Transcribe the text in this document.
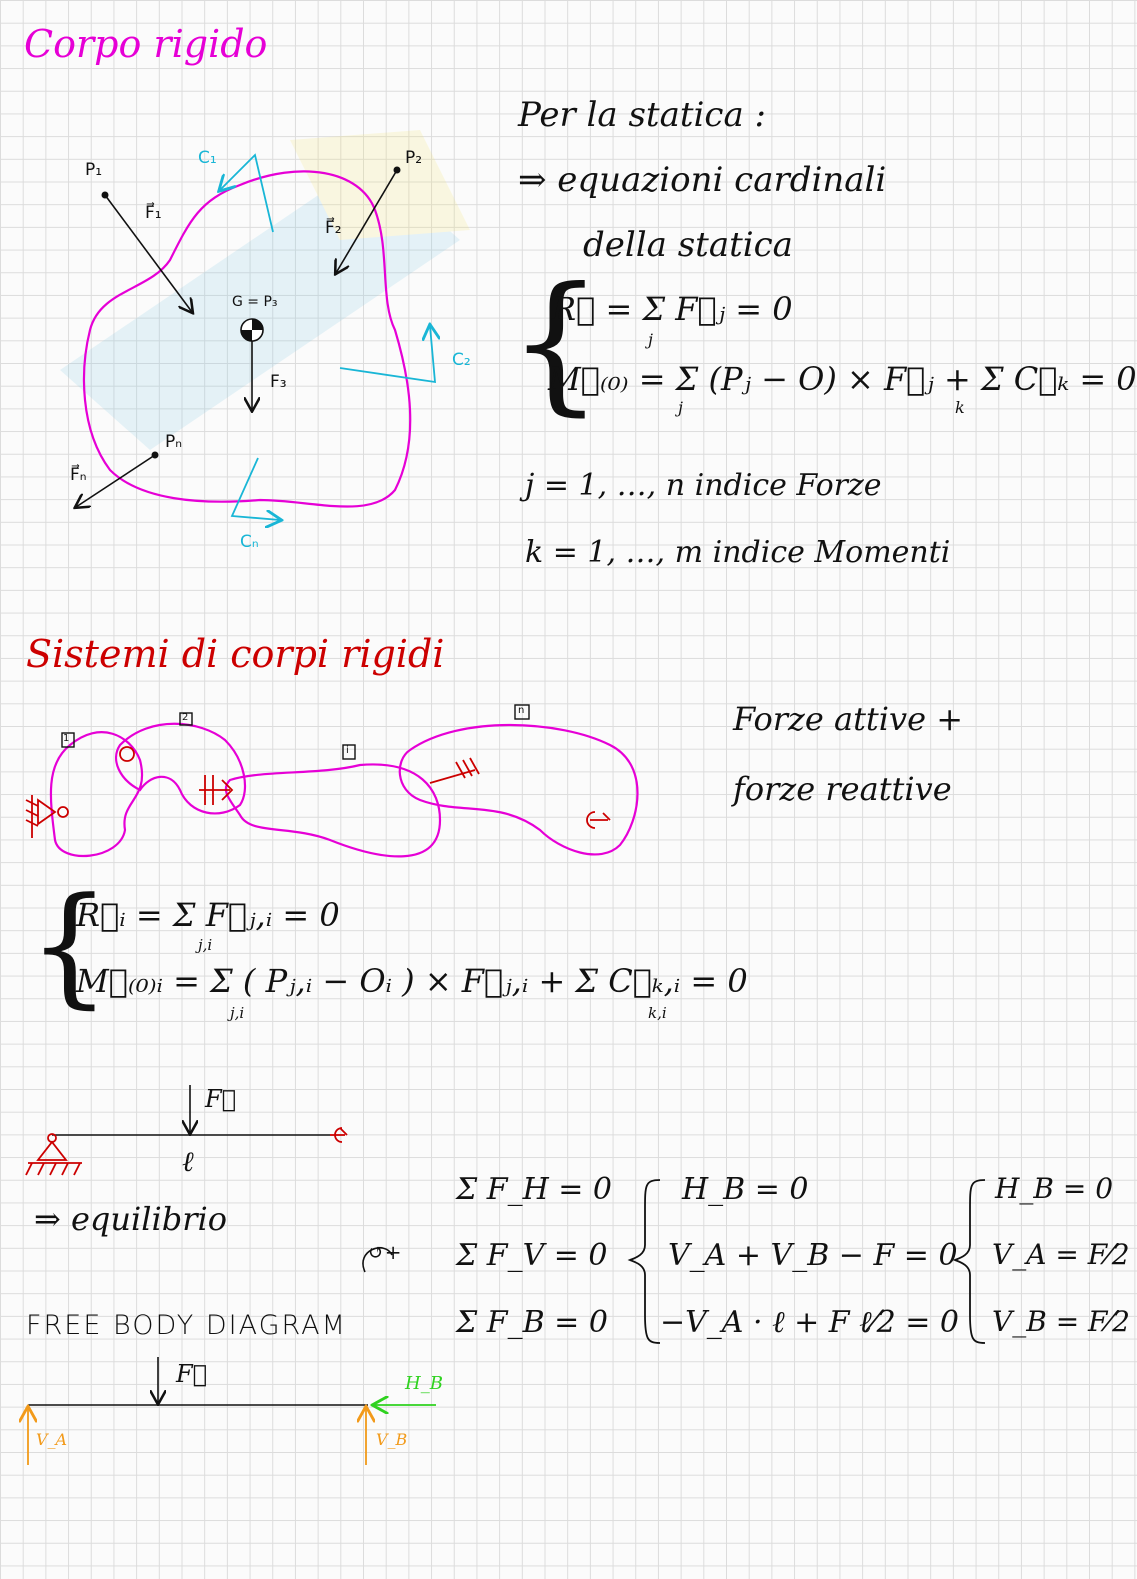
Corpo rigido
P₁
P₂
Pₙ
G = P₃
F⃗₁
F⃗₂
F₃
F⃗ₙ
C₁
C₂
Cₙ
Per la statica :
⇒ equazioni cardinali
della statica
{
R⃗ = Σ F⃗ⱼ = 0
j
M⃗₍₀₎ = Σ (Pⱼ − O) × F⃗ⱼ + Σ C⃗ₖ = 0
j	k
j = 1, …, n indice Forze
k = 1, …, m indice Momenti
Sistemi di corpi rigidi
1
2
i
n	Forze attive +
forze reattive
{
R⃗ᵢ = Σ F⃗ⱼ,ᵢ = 0
j,i
M⃗₍₀₎ᵢ = Σ ( Pⱼ,ᵢ − Oᵢ ) × F⃗ⱼ,ᵢ + Σ C⃗ₖ,ᵢ = 0
j,i	k,i
F⃗
ℓ
⇒ equilibrio
↺+
Σ F_H = 0
Σ F_V = 0
Σ F_B = 0
H_B = 0
V_A + V_B − F = 0
−V_A · ℓ + F ℓ⁄2 = 0
H_B = 0
V_A = F⁄2
V_B = F⁄2
FREE BODY DIAGRAM
F⃗
V_A	V_B
H_B
